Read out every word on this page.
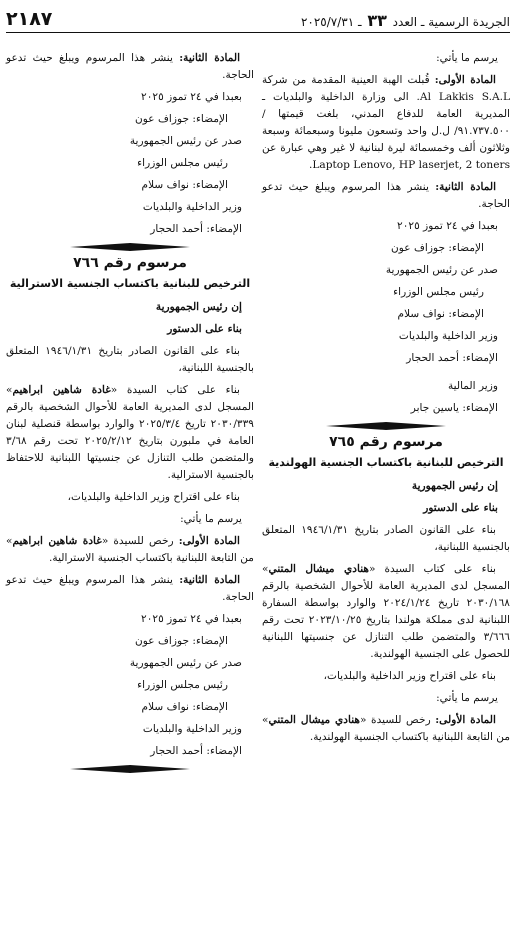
٢١٨٧	الجريدة الرسمية ـ العدد ٣٣ ـ ٢٠٢٥/٧/٣١

يرسم ما يأتي:

المادة الأولى: قُبلت الهبة العينية المقدمة من شركة Al Lakkis S.A.L. الى وزارة الداخلية والبلديات ـ المديرية العامة للدفاع المدني، بلغت قيمتها /٩١.٧٣٧.٥٠٠/ ل.ل واحد وتسعون مليونا وسبعمائة وسبعة وثلاثون ألف وخمسمائة ليرة لبنانية لا غير وهي عبارة عن Laptop Lenovo, HP laserjet, 2 toners.

المادة الثانية: ينشر هذا المرسوم ويبلغ حيث تدعو الحاجة.

بعبدا في ٢٤ تموز ٢٠٢٥

الإمضاء: جوزاف عون

صدر عن رئيس الجمهورية

رئيس مجلس الوزراء

الإمضاء: نواف سلام

وزير الداخلية والبلديات

الإمضاء: أحمد الحجار

وزير المالية

الإمضاء: ياسين جابر

مرسوم رقم ٧٦٥
الترخيص للبنانية باكتساب الجنسية الهولندية

إن رئيس الجمهورية

بناء على الدستور

بناء على القانون الصادر بتاريخ ١٩٤٦/١/٣١ المتعلق بالجنسية اللبنانية،

بناء على كتاب السيدة «هنادي ميشال المتني» المسجل لدى المديرية العامة للأحوال الشخصية بالرقم ٢٠٣٠/١٦٨ تاريخ ٢٠٢٤/١/٢٤ والوارد بواسطة السفارة اللبنانية لدى مملكة هولندا بتاريخ ٢٠٢٣/١٠/٢٥ تحت رقم ٣/٦٦٦ والمتضمن طلب التنازل عن جنسيتها اللبنانية للحصول على الجنسية الهولندية.

بناء على اقتراح وزير الداخلية والبلديات،

يرسم ما يأتي:

المادة الأولى: رخص للسيدة «هنادي ميشال المتني» من التابعة اللبنانية باكتساب الجنسية الهولندية.

المادة الثانية: ينشر هذا المرسوم ويبلغ حيث تدعو الحاجة.

بعبدا في ٢٤ تموز ٢٠٢٥

الإمضاء: جوزاف عون

صدر عن رئيس الجمهورية

رئيس مجلس الوزراء

الإمضاء: نواف سلام

وزير الداخلية والبلديات

الإمضاء: أحمد الحجار

مرسوم رقم ٧٦٦
الترخيص للبنانية باكتساب الجنسية الاسترالية

إن رئيس الجمهورية

بناء على الدستور

بناء على القانون الصادر بتاريخ ١٩٤٦/١/٣١ المتعلق بالجنسية اللبنانية،

بناء على كتاب السيدة «غادة شاهين ابراهيم» المسجل لدى المديرية العامة للأحوال الشخصية بالرقم ٢٠٣٠/٣٣٩ تاريخ ٢٠٢٥/٣/٤ والوارد بواسطة قنصلية لبنان العامة في ملبورن بتاريخ ٢٠٢٥/٢/١٢ تحت رقم ٣/٦٨ والمتضمن طلب التنازل عن جنسيتها اللبنانية للاحتفاظ بالجنسية الاسترالية.

بناء على اقتراح وزير الداخلية والبلديات،

يرسم ما يأتي:

المادة الأولى: رخص للسيدة «غادة شاهين ابراهيم» من التابعة اللبنانية باكتساب الجنسية الاسترالية.

المادة الثانية: ينشر هذا المرسوم ويبلغ حيث تدعو الحاجة.

بعبدا في ٢٤ تموز ٢٠٢٥

الإمضاء: جوزاف عون

صدر عن رئيس الجمهورية

رئيس مجلس الوزراء

الإمضاء: نواف سلام

وزير الداخلية والبلديات

الإمضاء: أحمد الحجار
